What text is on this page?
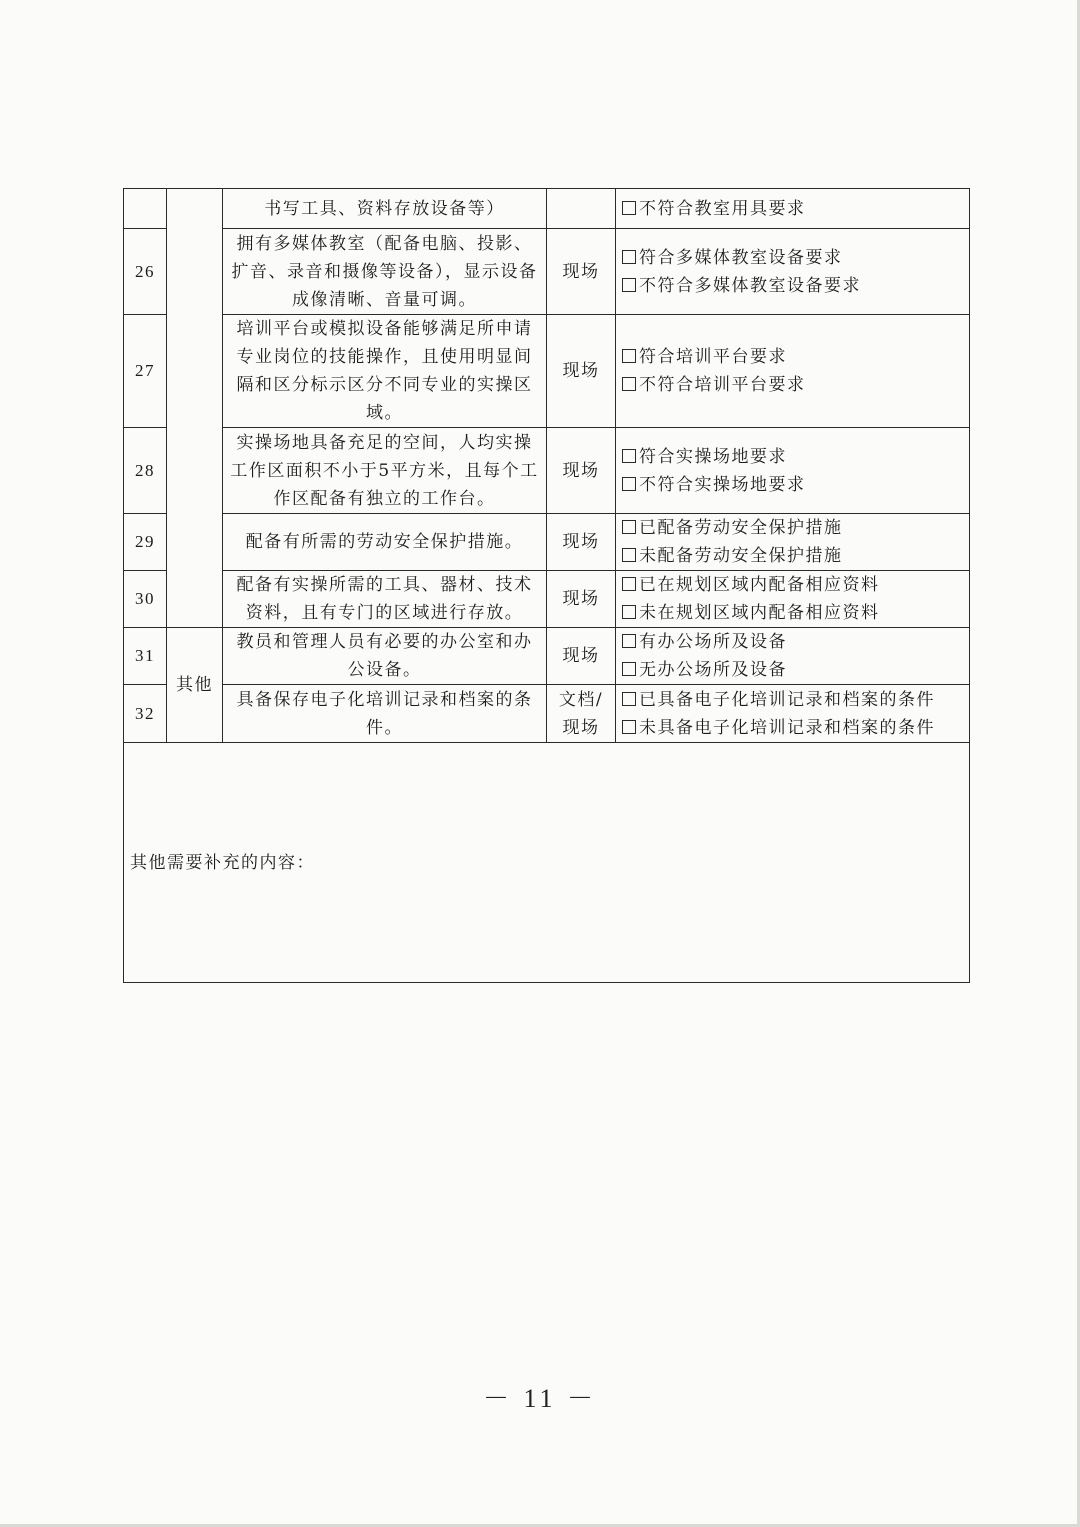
		书写工具、资料存放设备等）		不符合教室用具要求

26		拥有多媒体教室（配备电脑、投影、扩音、录音和摄像等设备），显示设备成像清晰、音量可调。	现场	符合多媒体教室设备要求
不符合多媒体教室设备要求

27		培训平台或模拟设备能够满足所申请专业岗位的技能操作，且使用明显间隔和区分标示区分不同专业的实操区域。	现场	符合培训平台要求
不符合培训平台要求

28		实操场地具备充足的空间，人均实操工作区面积不小于5平方米，且每个工作区配备有独立的工作台。	现场	符合实操场地要求
不符合实操场地要求

29		配备有所需的劳动安全保护措施。	现场	已配备劳动安全保护措施
未配备劳动安全保护措施

30		配备有实操所需的工具、器材、技术资料，且有专门的区域进行存放。	现场	已在规划区域内配备相应资料
未在规划区域内配备相应资料

31	其他	教员和管理人员有必要的办公室和办公设备。	现场	有办公场所及设备
无办公场所及设备

32		具备保存电子化培训记录和档案的条件。	文档/现场	已具备电子化培训记录和档案的条件
未具备电子化培训记录和档案的条件

其他需要补充的内容：				
－ 11 －
